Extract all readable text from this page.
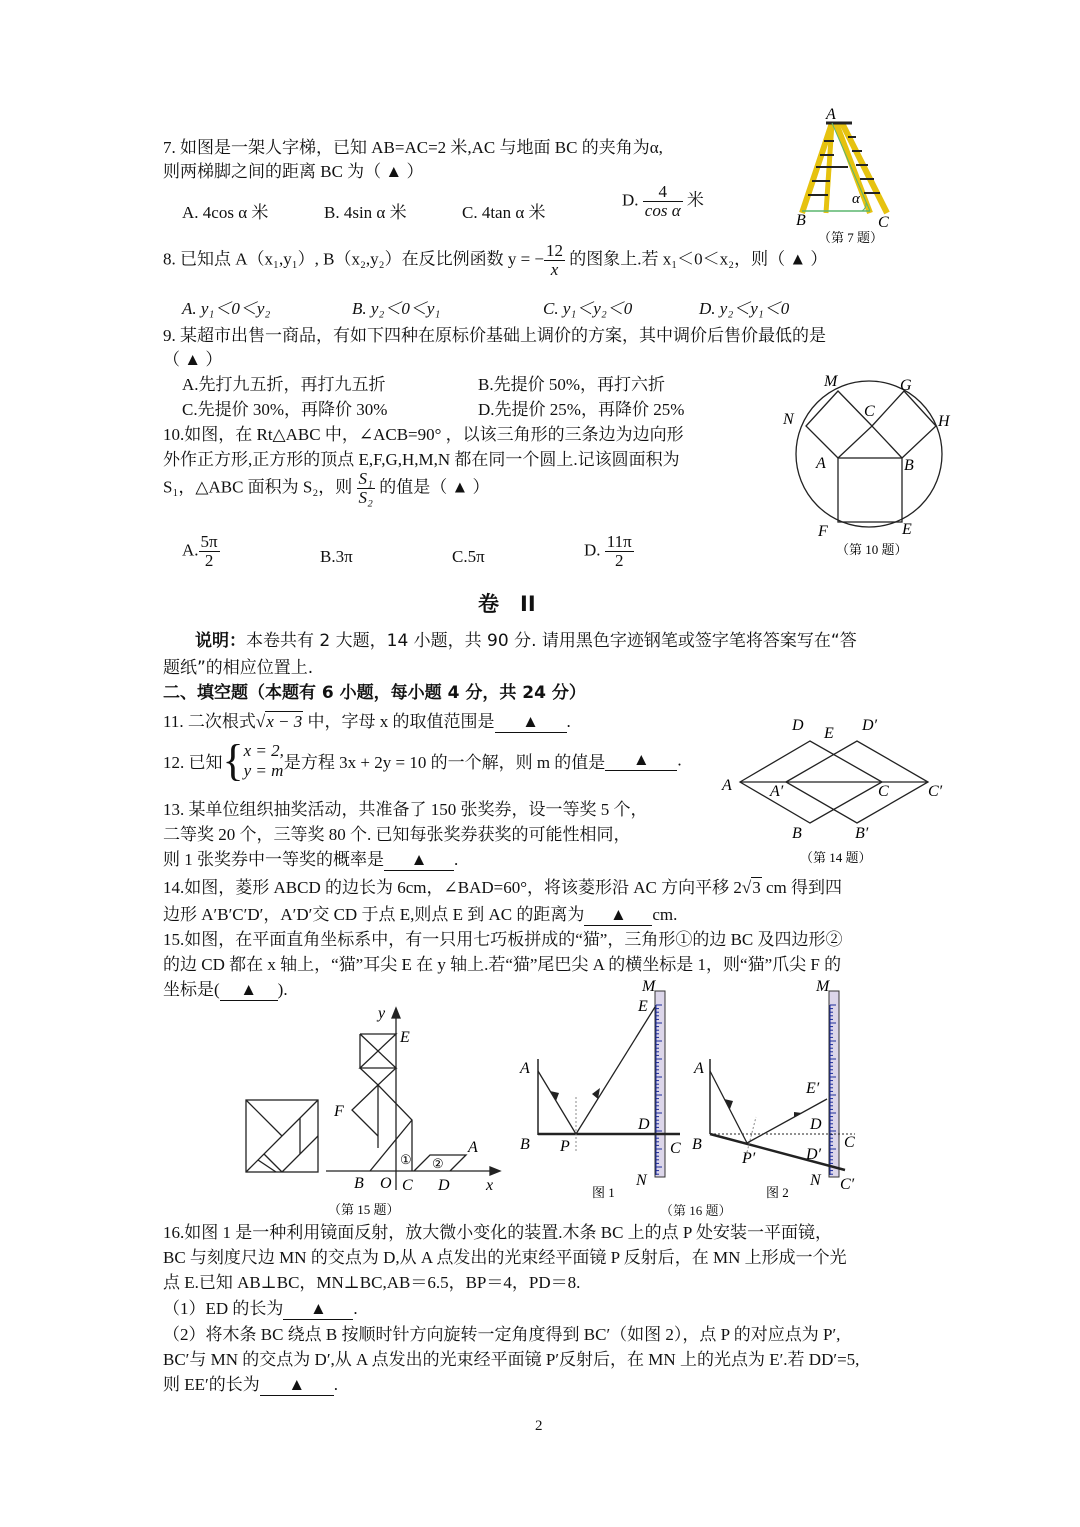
7. 如图是一架人字梯，已知 AB=AC=2 米,AC 与地面 BC 的夹角为α,
则两梯脚之间的距离 BC 为（ ▲ ）
A. 4cos α 米	B. 4sin α 米	C. 4tan α 米
D. $\frac{4}{\text{cos α}}$ 米
A
B	C
α
（第 7 题）
8. 已知点 A（x₁,y₁）, B（x₂,y₂）在反比例函数 y = − $\frac{12}{x}$ 的图象上.若 x₁＜0＜x₂，则（ ▲ ）
A. y₁＜0＜y₂	B. y₂＜0＜y₁	C. y₁＜y₂＜0	D. y₂＜y₁＜0
9. 某超市出售一商品，有如下四种在原标价基础上调价的方案，其中调价后售价最低的是
（ ▲ ）
A.先打九五折，再打九五折	B.先提价 50%，再打六折
C.先提价 30%，再降价 30%	D.先提价 25%，再降价 25%
10.如图，在 Rt△ABC 中，∠ACB=90° ，以该三角形的三条边为边向形
外作正方形,正方形的顶点 E,F,G,H,M,N 都在同一个圆上.记该圆面积为
S₁，△ABC 面积为 S₂，则 $\frac{\text{S₁}}{\text{S₂}}$ 的值是（ ▲ ）
A. $\frac{5\pi}{2}$	B.3π	C.5π	D. $\frac{11\pi}{2}$
M	G
C
N	H
A	B
F	E
（第 10 题）
卷　II
说明：本卷共有 2 大题，14 小题，共 90 分. 请用黑色字迹钢笔或签字笔将答案写在“答
题纸”的相应位置上.
二、填空题（本题有 6 小题，每小题 4 分，共 24 分）
11. 二次根式√x − 3 中，字母 x 的取值范围是 ▲ .
12. 已知{ x = 2,
y = m 是方程 3x + 2y = 10 的一个解，则 m 的值是 ▲ .
13. 某单位组织抽奖活动，共准备了 150 张奖券，设一等奖 5 个，
二等奖 20 个，三等奖 80 个. 已知每张奖券获奖的可能性相同，
则 1 张奖券中一等奖的概率是 ▲ .
D E D′
A A′	C C′
B	B′
（第 14 题）
14.如图，菱形 ABCD 的边长为 6cm，∠BAD=60°，将该菱形沿 AC 方向平移 2√3 cm 得到四
边形 A′B′C′D′，A′D′交 CD 于点 E,则点 E 到 AC 的距离为 ▲ cm.
15.如图，在平面直角坐标系中，有一只用七巧板拼成的“猫”，三角形①的边 BC 及四边形②
的边 CD 都在 x 轴上，“猫”耳尖 E 在 y 轴上.若“猫”尾巴尖 A 的横坐标是 1，则“猫”爪尖 F 的
坐标是( ▲ ).
y
E
F
A
① ②
B O C D x
（第 15 题）
M
E
A
D
B P	C
N
图 1
M
A
E′
D
B	C
P′	D′
N C′
图 2
（第 16 题）
16.如图 1 是一种利用镜面反射，放大微小变化的装置.木条 BC 上的点 P 处安装一平面镜，
BC 与刻度尺边 MN 的交点为 D,从 A 点发出的光束经平面镜 P 反射后，在 MN 上形成一个光
点 E.已知 AB⊥BC，MN⊥BC,AB＝6.5，BP＝4，PD＝8.
（1）ED 的长为 ▲ .
（2）将木条 BC 绕点 B 按顺时针方向旋转一定角度得到 BC′（如图 2），点 P 的对应点为 P′,
BC′与 MN 的交点为 D′,从 A 点发出的光束经平面镜 P′反射后，在 MN 上的光点为 E′.若 DD′=5,
则 EE′的长为 ▲ .
2
